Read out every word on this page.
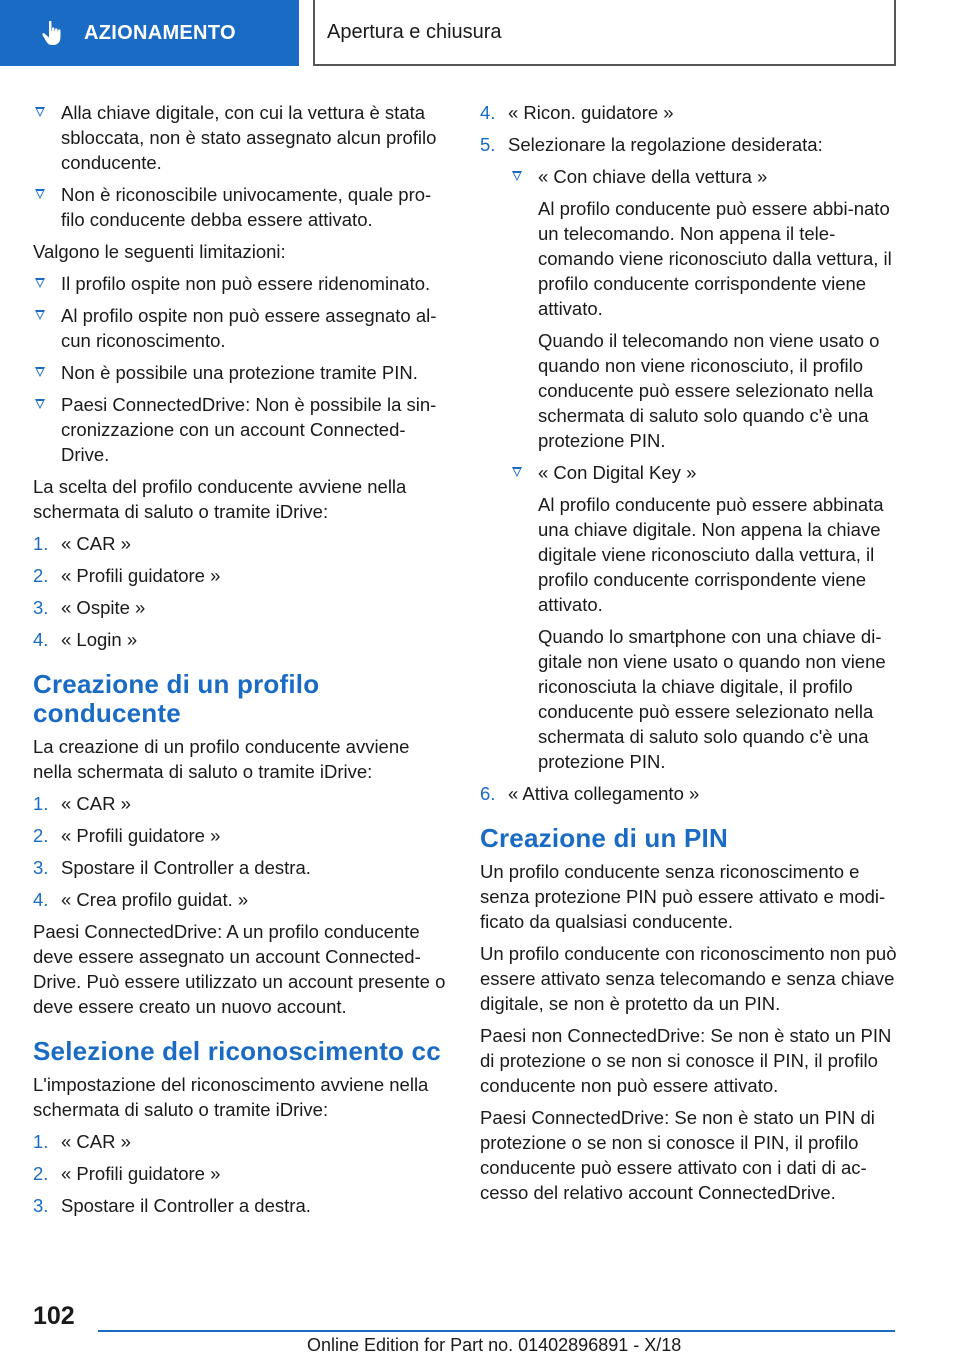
AZIONAMENTO	Apertura e chiusura
Alla chiave digitale, con cui la vettura è stata sbloccata, non è stato assegnato alcun profilo conducente.
Non è riconoscibile univocamente, quale pro-filo conducente debba essere attivato.
Valgono le seguenti limitazioni:
Il profilo ospite non può essere ridenominato.
Al profilo ospite non può essere assegnato al-cun riconoscimento.
Non è possibile una protezione tramite PIN.
Paesi ConnectedDrive: Non è possibile la sin-cronizzazione con un account Connected-Drive.
La scelta del profilo conducente avviene nella schermata di saluto o tramite iDrive:
1. « CAR »
2. « Profili guidatore »
3. « Ospite »
4. « Login »
Creazione di un profilo conducente
La creazione di un profilo conducente avviene nella schermata di saluto o tramite iDrive:
1. « CAR »
2. « Profili guidatore »
3. Spostare il Controller a destra.
4. « Crea profilo guidat. »
Paesi ConnectedDrive: A un profilo conducente deve essere assegnato un account Connected-Drive. Può essere utilizzato un account presente o deve essere creato un nuovo account.
Selezione del riconoscimento cc
L'impostazione del riconoscimento avviene nella schermata di saluto o tramite iDrive:
1. « CAR »
2. « Profili guidatore »
3. Spostare il Controller a destra.
4. « Ricon. guidatore »
5. Selezionare la regolazione desiderata:
« Con chiave della vettura »
Al profilo conducente può essere abbi-nato un telecomando. Non appena il tele-comando viene riconosciuto dalla vettura, il profilo conducente corrispondente viene attivato.
Quando il telecomando non viene usato o quando non viene riconosciuto, il profilo conducente può essere selezionato nella schermata di saluto solo quando c'è una protezione PIN.
« Con Digital Key »
Al profilo conducente può essere abbinata una chiave digitale. Non appena la chiave digitale viene riconosciuto dalla vettura, il profilo conducente corrispondente viene attivato.
Quando lo smartphone con una chiave di-gitale non viene usato o quando non viene riconosciuta la chiave digitale, il profilo conducente può essere selezionato nella schermata di saluto solo quando c'è una protezione PIN.
6. « Attiva collegamento »
Creazione di un PIN
Un profilo conducente senza riconoscimento e senza protezione PIN può essere attivato e modi-ficato da qualsiasi conducente.
Un profilo conducente con riconoscimento non può essere attivato senza telecomando e senza chiave digitale, se non è protetto da un PIN.
Paesi non ConnectedDrive: Se non è stato un PIN di protezione o se non si conosce il PIN, il profilo conducente non può essere attivato.
Paesi ConnectedDrive: Se non è stato un PIN di protezione o se non si conosce il PIN, il profilo conducente può essere attivato con i dati di ac-cesso del relativo account ConnectedDrive.
102
Online Edition for Part no. 01402896891 - X/18
